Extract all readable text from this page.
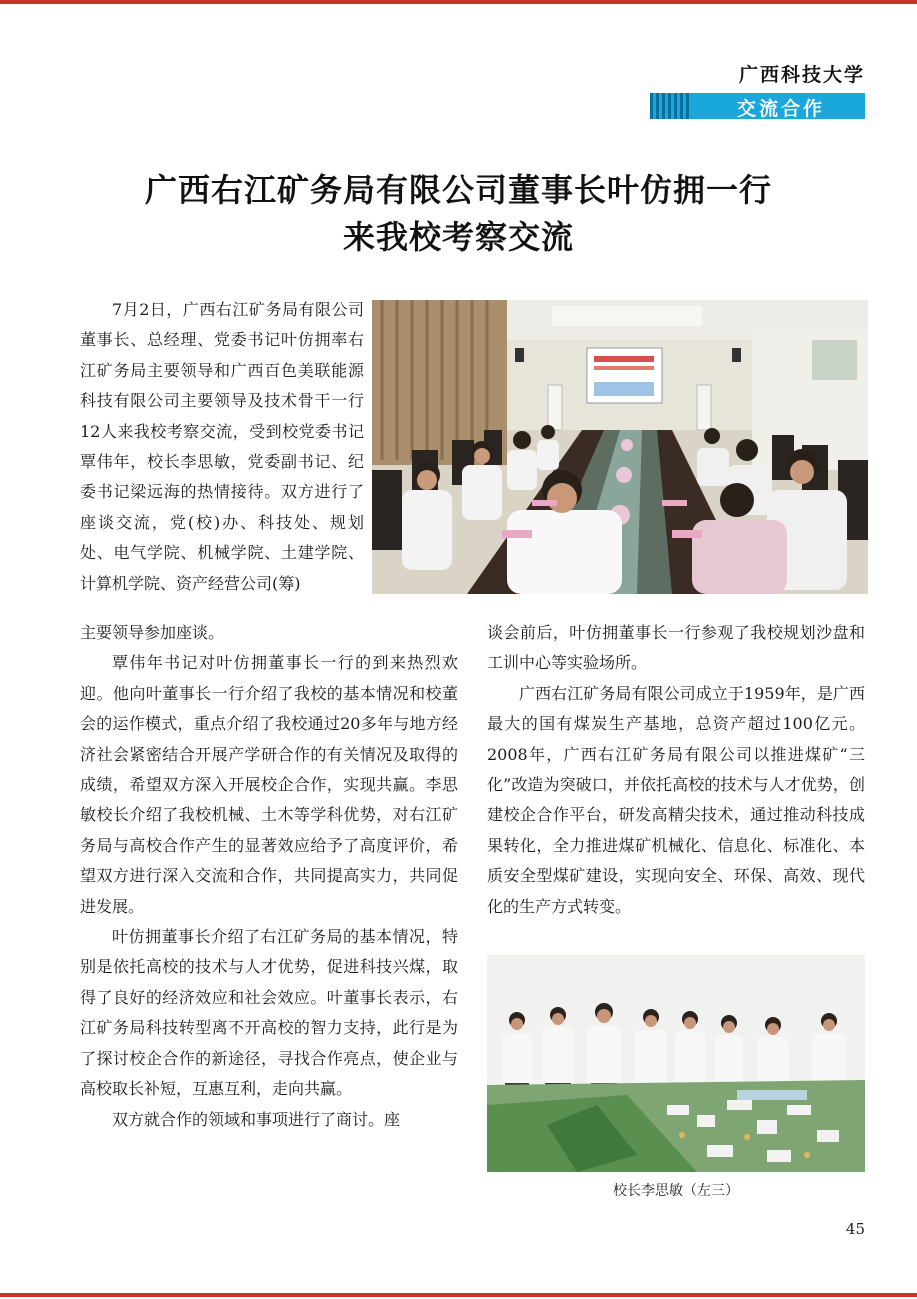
广西科技大学
交流合作
广西右江矿务局有限公司董事长叶仿拥一行
来我校考察交流

7月2日，广西右江矿务局有限公司董事长、总经理、党委书记叶仿拥率右江矿务局主要领导和广西百色美联能源科技有限公司主要领导及技术骨干一行12人来我校考察交流，受到校党委书记覃伟年，校长李思敏，党委副书记、纪委书记梁远海的热情接待。双方进行了座谈交流，党(校)办、科技处、规划处、电气学院、机械学院、土建学院、计算机学院、资产经营公司(筹)

主要领导参加座谈。

覃伟年书记对叶仿拥董事长一行的到来热烈欢迎。他向叶董事长一行介绍了我校的基本情况和校董会的运作模式，重点介绍了我校通过20多年与地方经济社会紧密结合开展产学研合作的有关情况及取得的成绩，希望双方深入开展校企合作，实现共赢。李思敏校长介绍了我校机械、土木等学科优势，对右江矿务局与高校合作产生的显著效应给予了高度评价，希望双方进行深入交流和合作，共同提高实力，共同促进发展。

叶仿拥董事长介绍了右江矿务局的基本情况，特别是依托高校的技术与人才优势，促进科技兴煤，取得了良好的经济效应和社会效应。叶董事长表示，右江矿务局科技转型离不开高校的智力支持，此行是为了探讨校企合作的新途径，寻找合作亮点，使企业与高校取长补短，互惠互利，走向共赢。

双方就合作的领域和事项进行了商讨。座

谈会前后，叶仿拥董事长一行参观了我校规划沙盘和工训中心等实验场所。

广西右江矿务局有限公司成立于1959年，是广西最大的国有煤炭生产基地，总资产超过100亿元。2008年，广西右江矿务局有限公司以推进煤矿“三化”改造为突破口，并依托高校的技术与人才优势，创建校企合作平台，研发高精尖技术，通过推动科技成果转化，全力推进煤矿机械化、信息化、标准化、本质安全型煤矿建设，实现向安全、环保、高效、现代化的生产方式转变。

校长李思敏（左三）
45
